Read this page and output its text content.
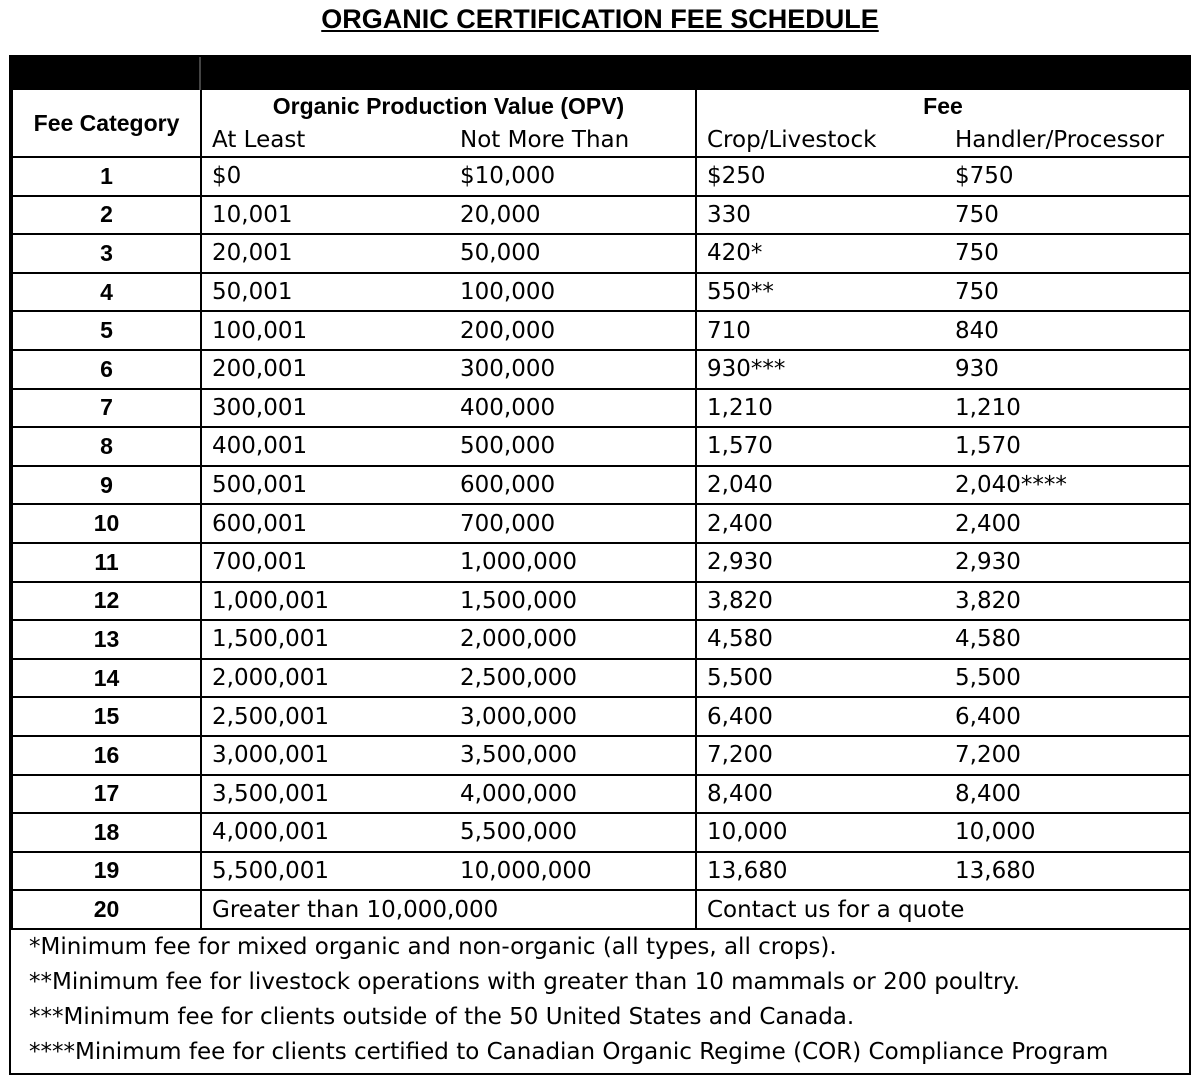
ORGANIC CERTIFICATION FEE SCHEDULE
Fee Category	Organic Production Value (OPV)	Fee

	At Least Not More Than	Crop/Livestock Handler/Processor

1	$0 $10,000	$250 $750

2	10,001 20,000	330 750

3	20,001 50,000	420* 750

4	50,001 100,000	550** 750

5	100,001 200,000	710 840

6	200,001 300,000	930*** 930

7	300,001 400,000	1,210 1,210

8	400,001 500,000	1,570 1,570

9	500,001 600,000	2,040 2,040****

10	600,001 700,000	2,400 2,400

11	700,001 1,000,000	2,930 2,930

12	1,000,001 1,500,000	3,820 3,820

13	1,500,001 2,000,000	4,580 4,580

14	2,000,001 2,500,000	5,500 5,500

15	2,500,001 3,000,000	6,400 6,400

16	3,000,001 3,500,000	7,200 7,200

17	3,500,001 4,000,000	8,400 8,400

18	4,000,001 5,500,000	10,000 10,000

19	5,500,001 10,000,000	13,680 13,680

20	Greater than 10,000,000	Contact us for a quote
*Minimum fee for mixed organic and non-organic (all types, all crops).
**Minimum fee for livestock operations with greater than 10 mammals or 200 poultry.
***Minimum fee for clients outside of the 50 United States and Canada.
****Minimum fee for clients certified to Canadian Organic Regime (COR) Compliance Program
